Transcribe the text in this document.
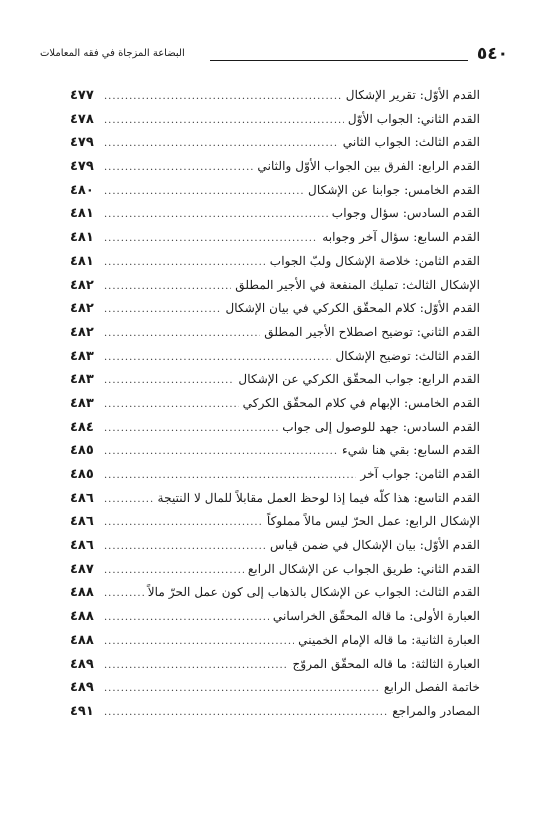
٥٤٠
البضاعة المزجاة في فقه المعاملات
القدم الأوّل: تقرير الإشكال
.....
٤٧٧
القدم الثاني: الجواب الأوّل
.....
٤٧٨
القدم الثالث: الجواب الثاني
.....
٤٧٩
القدم الرابع: الفرق بين الجواب الأوّل والثاني
.....
٤٧٩
القدم الخامس: جوابنا عن الإشكال
.....
٤٨٠
القدم السادس: سؤال وجواب
.....
٤٨١
القدم السابع: سؤال آخر وجوابه
.....
٤٨١
القدم الثامن: خلاصة الإشكال ولبّ الجواب
.....
٤٨١
الإشكال الثالث: تمليك المنفعة في الأجير المطلق
.....
٤٨٢
القدم الأوّل: كلام المحقّق الكركي في بيان الإشكال
.....
٤٨٢
القدم الثاني: توضيح اصطلاح الأجير المطلق
.....
٤٨٢
القدم الثالث: توضيح الإشكال
.....
٤٨٣
القدم الرابع: جواب المحقّق الكركي عن الإشكال
.....
٤٨٣
القدم الخامس: الإبهام في كلام المحقّق الكركي
.....
٤٨٣
القدم السادس: جهد للوصول إلى جواب
.....
٤٨٤
القدم السابع: بقي هنا شيء
.....
٤٨٥
القدم الثامن: جواب آخر
.....
٤٨٥
القدم التاسع: هذا كلّه فيما إذا لوحظ العمل مقابلاً للمال لا النتيجة
.....
٤٨٦
الإشكال الرابع: عمل الحرّ ليس مالاً مملوكاً
.....
٤٨٦
القدم الأوّل: بيان الإشكال في ضمن قياس
.....
٤٨٦
القدم الثاني: طريق الجواب عن الإشكال الرابع
.....
٤٨٧
القدم الثالث: الجواب عن الإشكال بالذهاب إلى كون عمل الحرّ مالاً
.....
٤٨٨
العبارة الأولى: ما قاله المحقّق الخراساني
.....
٤٨٨
العبارة الثانية: ما قاله الإمام الخميني
.....
٤٨٨
العبارة الثالثة: ما قاله المحقّق المروّج
.....
٤٨٩
خاتمة الفصل الرابع
.....
٤٨٩
المصادر والمراجع
.....
٤٩١
